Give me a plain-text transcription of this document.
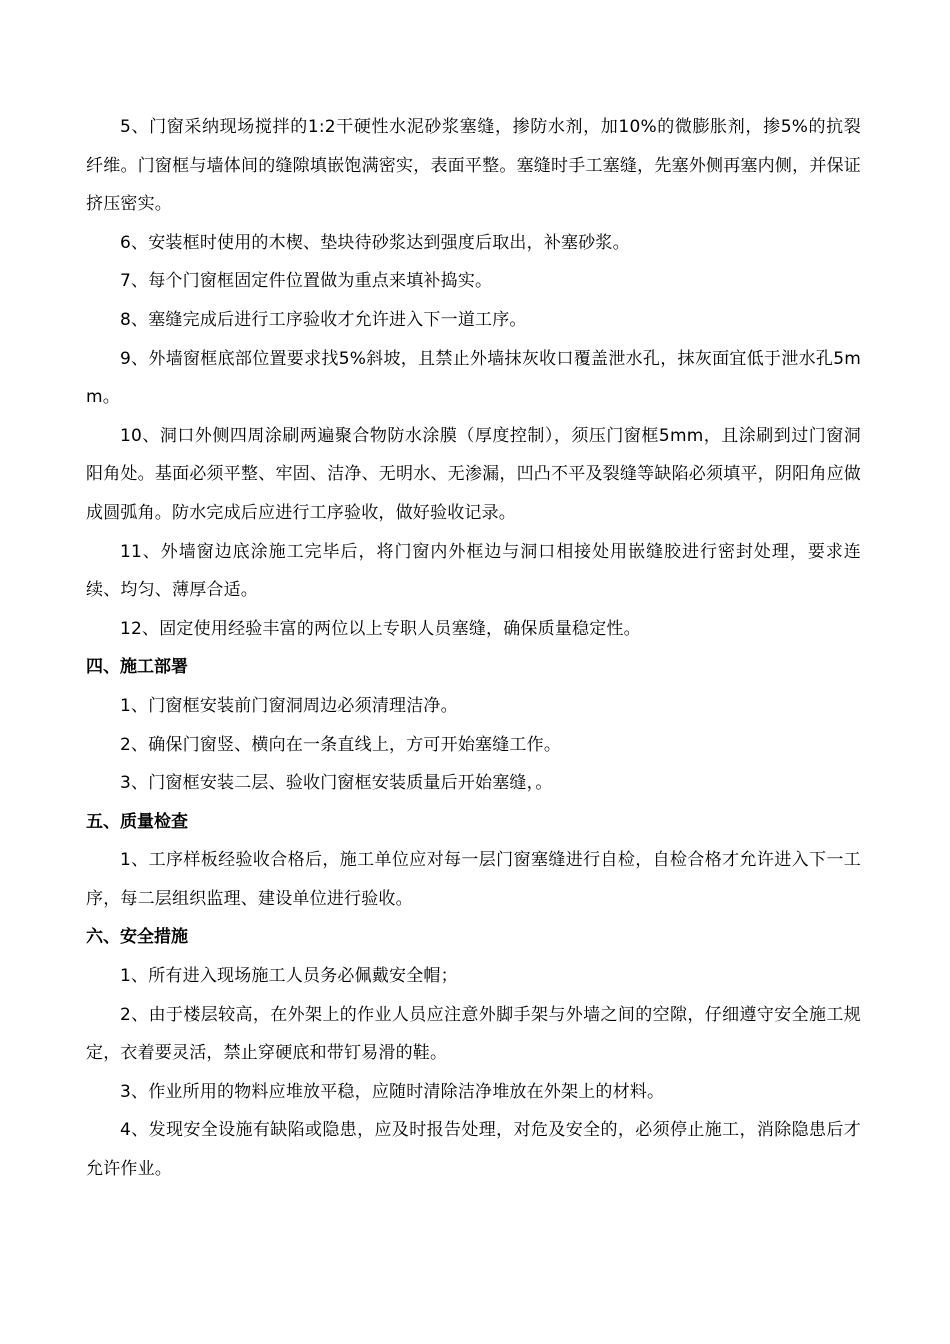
5、门窗采纳现场搅拌的1:2干硬性水泥砂浆塞缝，掺防水剂，加10%的微膨胀剂，掺5%的抗裂纤维。门窗框与墙体间的缝隙填嵌饱满密实，表面平整。塞缝时手工塞缝，先塞外侧再塞内侧，并保证挤压密实。

6、安装框时使用的木楔、垫块待砂浆达到强度后取出，补塞砂浆。

7、每个门窗框固定件位置做为重点来填补捣实。

8、塞缝完成后进行工序验收才允许进入下一道工序。

9、外墙窗框底部位置要求找5%斜坡，且禁止外墙抹灰收口覆盖泄水孔，抹灰面宜低于泄水孔5mm。

10、洞口外侧四周涂刷两遍聚合物防水涂膜（厚度控制），须压门窗框5mm，且涂刷到过门窗洞阳角处。基面必须平整、牢固、洁净、无明水、无渗漏，凹凸不平及裂缝等缺陷必须填平，阴阳角应做成圆弧角。防水完成后应进行工序验收，做好验收记录。

11、外墙窗边底涂施工完毕后，将门窗内外框边与洞口相接处用嵌缝胶进行密封处理，要求连续、均匀、薄厚合适。

12、固定使用经验丰富的两位以上专职人员塞缝，确保质量稳定性。

四、施工部署

1、门窗框安装前门窗洞周边必须清理洁净。

2、确保门窗竖、横向在一条直线上，方可开始塞缝工作。

3、门窗框安装二层、验收门窗框安装质量后开始塞缝，。

五、质量检查

1、工序样板经验收合格后，施工单位应对每一层门窗塞缝进行自检，自检合格才允许进入下一工序，每二层组织监理、建设单位进行验收。

六、安全措施

1、所有进入现场施工人员务必佩戴安全帽；

2、由于楼层较高，在外架上的作业人员应注意外脚手架与外墙之间的空隙，仔细遵守安全施工规定，衣着要灵活，禁止穿硬底和带钉易滑的鞋。

3、作业所用的物料应堆放平稳，应随时清除洁净堆放在外架上的材料。

4、发现安全设施有缺陷或隐患，应及时报告处理，对危及安全的，必须停止施工，消除隐患后才允许作业。
